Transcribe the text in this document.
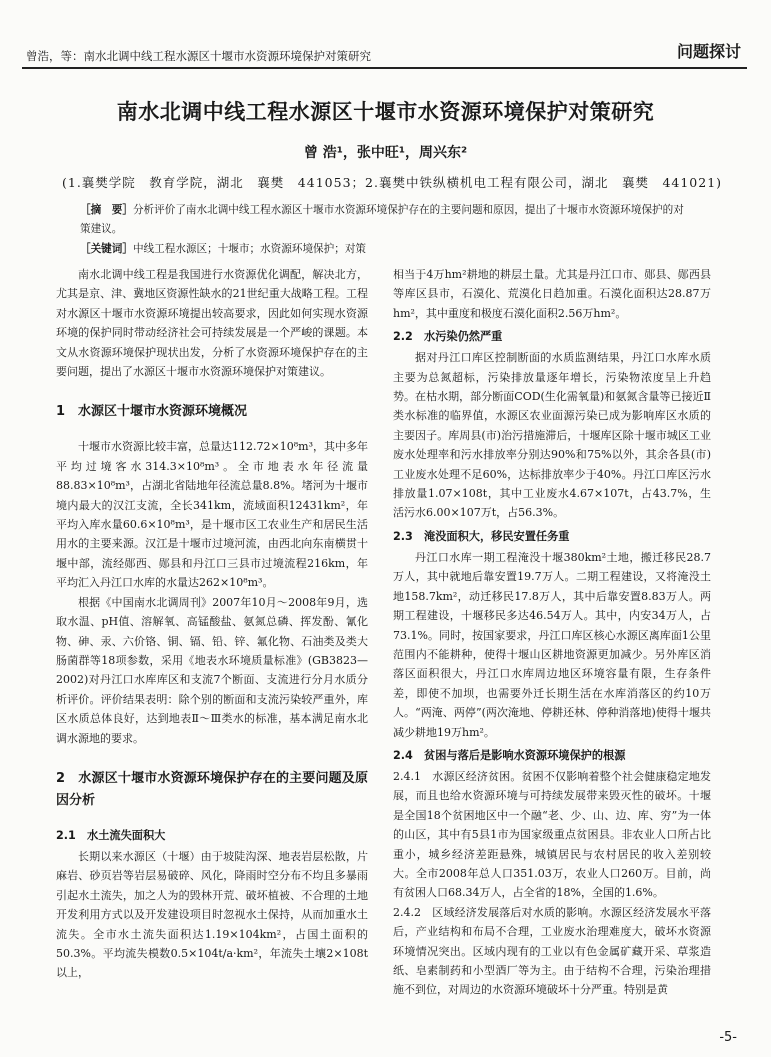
曾浩，等：南水北调中线工程水源区十堰市水资源环境保护对策研究	问题探讨
南水北调中线工程水源区十堰市水资源环境保护对策研究
曾 浩¹，张中旺¹，周兴东²
(1.襄樊学院　教育学院，湖北　襄樊　441053；2.襄樊中铁纵横机电工程有限公司，湖北　襄樊　441021)
［摘　要］分析评价了南水北调中线工程水源区十堰市水资源环境保护存在的主要问题和原因，提出了十堰市水资源环境保护的对策建议。
［关键词］中线工程水源区；十堰市；水资源环境保护；对策

南水北调中线工程是我国进行水资源优化调配，解决北方，尤其是京、津、冀地区资源性缺水的21世纪重大战略工程。工程对水源区十堰市水资源环境提出较高要求，因此如何实现水资源环境的保护同时带动经济社会可持续发展是一个严峻的课题。本文从水资源环境保护现状出发，分析了水资源环境保护存在的主要问题，提出了水源区十堰市水资源环境保护对策建议。

1　水源区十堰市水资源环境概况

十堰市水资源比较丰富，总量达112.72×10⁸m³，其中多年平均过境客水314.3×10⁸m³。全市地表水年径流量88.83×10⁸m³，占湖北省陆地年径流总量8.8%。堵河为十堰市境内最大的汉江支流，全长341km，流域面积12431km²，年平均入库水量60.6×10⁸m³，是十堰市区工农业生产和居民生活用水的主要来源。汉江是十堰市过境河流，由西北向东南横贯十堰中部，流经郧西、郧县和丹江口三县市过境流程216km，年平均汇入丹江口水库的水量达262×10⁸m³。

根据《中国南水北调周刊》2007年10月～2008年9月，选取水温、pH值、溶解氧、高锰酸盐、氨氮总磷、挥发酚、氰化物、砷、汞、六价铬、铜、镉、铅、锌、氟化物、石油类及类大肠菌群等18项参数，采用《地表水环境质量标准》(GB3823—2002)对丹江口水库库区和支流7个断面、支流进行分月水质分析评价。评价结果表明：除个别的断面和支流污染较严重外，库区水质总体良好，达到地表Ⅱ～Ⅲ类水的标准，基本满足南水北调水源地的要求。

2　水源区十堰市水资源环境保护存在的主要问题及原因分析
2.1　水土流失面积大

长期以来水源区（十堰）由于坡陡沟深、地表岩层松散，片麻岩、砂页岩等岩层易破碎、风化，降雨时空分布不均且多暴雨引起水土流失，加之人为的毁林开荒、破坏植被、不合理的土地开发利用方式以及开发建设项目时忽视水土保持，从而加重水土流失。全市水土流失面积达1.19×104km²，占国土面积的50.3%。平均流失模数0.5×104t/a·km²，年流失土壤2×108t以上，

相当于4万hm²耕地的耕层土量。尤其是丹江口市、郧县、郧西县等库区县市，石漠化、荒漠化日趋加重。石漠化面积达28.87万hm²，其中重度和极度石漠化面积2.56万hm²。

2.2　水污染仍然严重

据对丹江口库区控制断面的水质监测结果，丹江口水库水质主要为总氮超标，污染排放量逐年增长，污染物浓度呈上升趋势。在枯水期，部分断面COD(生化需氧量)和氨氮含量等已接近Ⅱ类水标准的临界值，水源区农业面源污染已成为影响库区水质的主要因子。库周县(市)治污措施滞后，十堰库区除十堰市城区工业废水处理率和污水排放率分别达90%和75%以外，其余各县(市)工业废水处理不足60%，达标排放率少于40%。丹江口库区污水排放量1.07×108t，其中工业废水4.67×107t，占43.7%，生活污水6.00×107万t，占56.3%。

2.3　淹没面积大，移民安置任务重

丹江口水库一期工程淹没十堰380km²土地，搬迁移民28.7万人，其中就地后靠安置19.7万人。二期工程建设，又将淹没土地158.7km²，动迁移民17.8万人，其中后靠安置8.83万人。两期工程建设，十堰移民多达46.54万人。其中，内安34万人，占73.1%。同时，按国家要求，丹江口库区核心水源区离库面1公里范围内不能耕种，使得十堰山区耕地资源更加减少。另外库区消落区面积很大，丹江口水库周边地区环境容量有限，生存条件差，即使不加坝，也需要外迁长期生活在水库消落区的约10万人。“两淹、两停”(两次淹地、停耕还林、停种消落地)使得十堰共减少耕地19万hm²。

2.4　贫困与落后是影响水资源环境保护的根源

2.4.1　水源区经济贫困。贫困不仅影响着整个社会健康稳定地发展，而且也给水资源环境与可持续发展带来毁灭性的破坏。十堰是全国18个贫困地区中一个融“老、少、山、边、库、穷”为一体的山区，其中有5县1市为国家级重点贫困县。非农业人口所占比重小，城乡经济差距悬殊，城镇居民与农村居民的收入差别较大。全市2008年总人口351.03万，农业人口260万。目前，尚有贫困人口68.34万人，占全省的18%，全国的1.6%。

2.4.2　区域经济发展落后对水质的影响。水源区经济发展水平落后，产业结构和布局不合理，工业废水治理难度大，破坏水资源环境情况突出。区域内现有的工业以有色金属矿藏开采、草浆造纸、皂素制药和小型酒厂等为主。由于结构不合理，污染治理措施不到位，对周边的水资源环境破坏十分严重。特别是黄

-5-
